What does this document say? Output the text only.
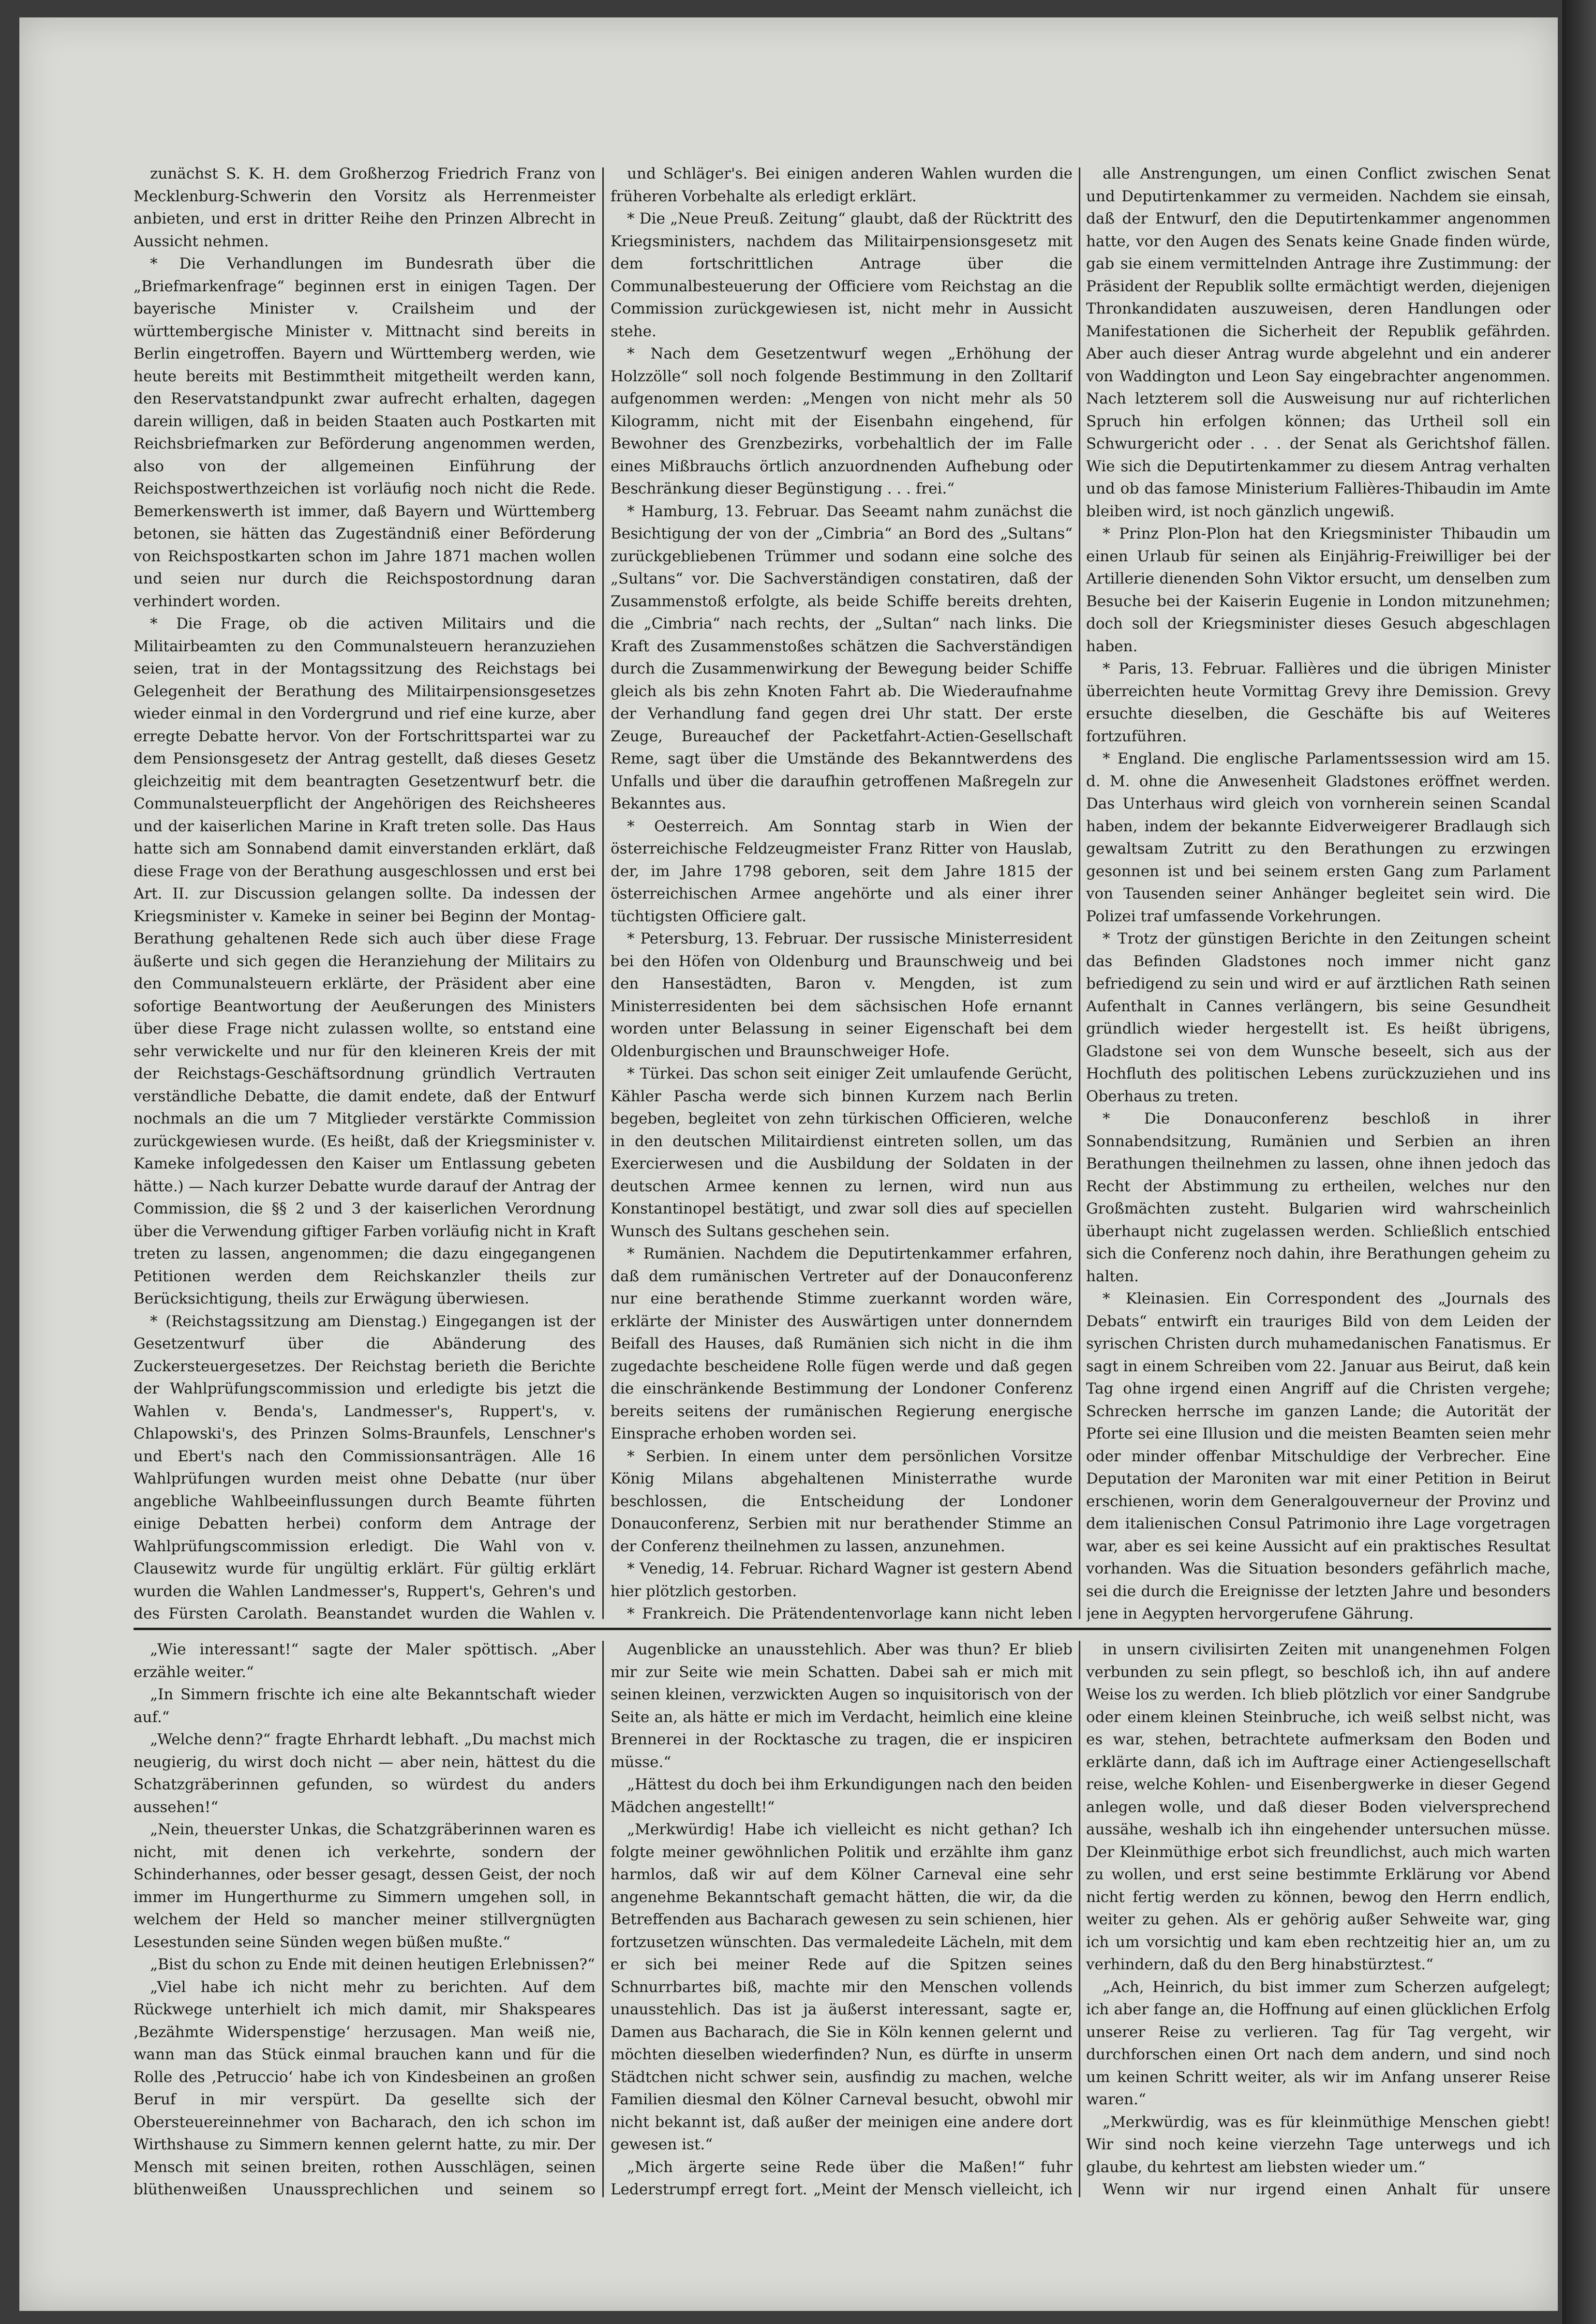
zunächst S. K. H. dem Großherzog Friedrich Franz von Mecklenburg-Schwerin den Vorsitz als Herrenmeister anbieten, und erst in dritter Reihe den Prinzen Albrecht in Aussicht nehmen.

* Die Verhandlungen im Bundesrath über die „Briefmarkenfrage“ beginnen erst in einigen Tagen. Der bayerische Minister v. Crailsheim und der württembergische Minister v. Mittnacht sind bereits in Berlin eingetroffen. Bayern und Württemberg werden, wie heute bereits mit Bestimmtheit mitgetheilt werden kann, den Reservatstandpunkt zwar aufrecht erhalten, dagegen darein willigen, daß in beiden Staaten auch Postkarten mit Reichsbriefmarken zur Beförderung angenommen werden, also von der allgemeinen Einführung der Reichspostwerthzeichen ist vorläufig noch nicht die Rede. Bemerkenswerth ist immer, daß Bayern und Württemberg betonen, sie hätten das Zugeständniß einer Beförderung von Reichspostkarten schon im Jahre 1871 machen wollen und seien nur durch die Reichspostordnung daran verhindert worden.

* Die Frage, ob die activen Militairs und die Militairbeamten zu den Communalsteuern heranzuziehen seien, trat in der Montagssitzung des Reichstags bei Gelegenheit der Berathung des Militairpensionsgesetzes wieder einmal in den Vordergrund und rief eine kurze, aber erregte Debatte hervor. Von der Fortschrittspartei war zu dem Pensionsgesetz der Antrag gestellt, daß dieses Gesetz gleichzeitig mit dem beantragten Gesetzentwurf betr. die Communalsteuerpflicht der Angehörigen des Reichsheeres und der kaiserlichen Marine in Kraft treten solle. Das Haus hatte sich am Sonnabend damit einverstanden erklärt, daß diese Frage von der Berathung ausgeschlossen und erst bei Art. II. zur Discussion gelangen sollte. Da indessen der Kriegsminister v. Kameke in seiner bei Beginn der Montag-Berathung gehaltenen Rede sich auch über diese Frage äußerte und sich gegen die Heranziehung der Militairs zu den Communalsteuern erklärte, der Präsident aber eine sofortige Beantwortung der Aeußerungen des Ministers über diese Frage nicht zulassen wollte, so entstand eine sehr verwickelte und nur für den kleineren Kreis der mit der Reichstags-Geschäftsordnung gründlich Vertrauten verständliche Debatte, die damit endete, daß der Entwurf nochmals an die um 7 Mitglieder verstärkte Commission zurückgewiesen wurde. (Es heißt, daß der Kriegsminister v. Kameke infolgedessen den Kaiser um Entlassung gebeten hätte.) — Nach kurzer Debatte wurde darauf der Antrag der Commission, die §§ 2 und 3 der kaiserlichen Verordnung über die Verwendung giftiger Farben vorläufig nicht in Kraft treten zu lassen, angenommen; die dazu eingegangenen Petitionen werden dem Reichskanzler theils zur Berücksichtigung, theils zur Erwägung überwiesen.

* (Reichstagssitzung am Dienstag.) Eingegangen ist der Gesetzentwurf über die Abänderung des Zuckersteuergesetzes. Der Reichstag berieth die Berichte der Wahlprüfungscommission und erledigte bis jetzt die Wahlen v. Benda's, Landmesser's, Ruppert's, v. Chlapowski's, des Prinzen Solms-Braunfels, Lenschner's und Ebert's nach den Commissionsanträgen. Alle 16 Wahlprüfungen wurden meist ohne Debatte (nur über angebliche Wahlbeeinflussungen durch Beamte führten einige Debatten herbei) conform dem Antrage der Wahlprüfungscommission erledigt. Die Wahl von v. Clausewitz wurde für ungültig erklärt. Für gültig erklärt wurden die Wahlen Landmesser's, Ruppert's, Gehren's und des Fürsten Carolath. Beanstandet wurden die Wahlen v.

und Schläger's. Bei einigen anderen Wahlen wurden die früheren Vorbehalte als erledigt erklärt.

* Die „Neue Preuß. Zeitung“ glaubt, daß der Rücktritt des Kriegsministers, nachdem das Militairpensionsgesetz mit dem fortschrittlichen Antrage über die Communalbesteuerung der Officiere vom Reichstag an die Commission zurückgewiesen ist, nicht mehr in Aussicht stehe.

* Nach dem Gesetzentwurf wegen „Erhöhung der Holzzölle“ soll noch folgende Bestimmung in den Zolltarif aufgenommen werden: „Mengen von nicht mehr als 50 Kilogramm, nicht mit der Eisenbahn eingehend, für Bewohner des Grenzbezirks, vorbehaltlich der im Falle eines Mißbrauchs örtlich anzuordnenden Aufhebung oder Beschränkung dieser Begünstigung . . . frei.“

* Hamburg, 13. Februar. Das Seeamt nahm zunächst die Besichtigung der von der „Cimbria“ an Bord des „Sultans“ zurückgebliebenen Trümmer und sodann eine solche des „Sultans“ vor. Die Sachverständigen constatiren, daß der Zusammenstoß erfolgte, als beide Schiffe bereits drehten, die „Cimbria“ nach rechts, der „Sultan“ nach links. Die Kraft des Zusammenstoßes schätzen die Sachverständigen durch die Zusammenwirkung der Bewegung beider Schiffe gleich als bis zehn Knoten Fahrt ab. Die Wiederaufnahme der Verhandlung fand gegen drei Uhr statt. Der erste Zeuge, Bureauchef der Packetfahrt-Actien-Gesellschaft Reme, sagt über die Umstände des Bekanntwerdens des Unfalls und über die daraufhin getroffenen Maßregeln zur Bekanntes aus.

* Oesterreich. Am Sonntag starb in Wien der österreichische Feldzeugmeister Franz Ritter von Hauslab, der, im Jahre 1798 geboren, seit dem Jahre 1815 der österreichischen Armee angehörte und als einer ihrer tüchtigsten Officiere galt.

* Petersburg, 13. Februar. Der russische Ministerresident bei den Höfen von Oldenburg und Braunschweig und bei den Hansestädten, Baron v. Mengden, ist zum Ministerresidenten bei dem sächsischen Hofe ernannt worden unter Belassung in seiner Eigenschaft bei dem Oldenburgischen und Braunschweiger Hofe.

* Türkei. Das schon seit einiger Zeit umlaufende Gerücht, Kähler Pascha werde sich binnen Kurzem nach Berlin begeben, begleitet von zehn türkischen Officieren, welche in den deutschen Militairdienst eintreten sollen, um das Exercierwesen und die Ausbildung der Soldaten in der deutschen Armee kennen zu lernen, wird nun aus Konstantinopel bestätigt, und zwar soll dies auf speciellen Wunsch des Sultans geschehen sein.

* Rumänien. Nachdem die Deputirtenkammer erfahren, daß dem rumänischen Vertreter auf der Donauconferenz nur eine berathende Stimme zuerkannt worden wäre, erklärte der Minister des Auswärtigen unter donnerndem Beifall des Hauses, daß Rumänien sich nicht in die ihm zugedachte bescheidene Rolle fügen werde und daß gegen die einschränkende Bestimmung der Londoner Conferenz bereits seitens der rumänischen Regierung energische Einsprache erhoben worden sei.

* Serbien. In einem unter dem persönlichen Vorsitze König Milans abgehaltenen Ministerrathe wurde beschlossen, die Entscheidung der Londoner Donauconferenz, Serbien mit nur berathender Stimme an der Conferenz theilnehmen zu lassen, anzunehmen.

* Venedig, 14. Februar. Richard Wagner ist gestern Abend hier plötzlich gestorben.

* Frankreich. Die Prätendentenvorlage kann nicht leben

alle Anstrengungen, um einen Conflict zwischen Senat und Deputirtenkammer zu vermeiden. Nachdem sie einsah, daß der Entwurf, den die Deputirtenkammer angenommen hatte, vor den Augen des Senats keine Gnade finden würde, gab sie einem vermittelnden Antrage ihre Zustimmung: der Präsident der Republik sollte ermächtigt werden, diejenigen Thronkandidaten auszuweisen, deren Handlungen oder Manifestationen die Sicherheit der Republik gefährden. Aber auch dieser Antrag wurde abgelehnt und ein anderer von Waddington und Leon Say eingebrachter angenommen. Nach letzterem soll die Ausweisung nur auf richterlichen Spruch hin erfolgen können; das Urtheil soll ein Schwurgericht oder . . . der Senat als Gerichtshof fällen. Wie sich die Deputirtenkammer zu diesem Antrag verhalten und ob das famose Ministerium Fallières-Thibaudin im Amte bleiben wird, ist noch gänzlich ungewiß.

* Prinz Plon-Plon hat den Kriegsminister Thibaudin um einen Urlaub für seinen als Einjährig-Freiwilliger bei der Artillerie dienenden Sohn Viktor ersucht, um denselben zum Besuche bei der Kaiserin Eugenie in London mitzunehmen; doch soll der Kriegsminister dieses Gesuch abgeschlagen haben.

* Paris, 13. Februar. Fallières und die übrigen Minister überreichten heute Vormittag Grevy ihre Demission. Grevy ersuchte dieselben, die Geschäfte bis auf Weiteres fortzuführen.

* England. Die englische Parlamentssession wird am 15. d. M. ohne die Anwesenheit Gladstones eröffnet werden. Das Unterhaus wird gleich von vornherein seinen Scandal haben, indem der bekannte Eidverweigerer Bradlaugh sich gewaltsam Zutritt zu den Berathungen zu erzwingen gesonnen ist und bei seinem ersten Gang zum Parlament von Tausenden seiner Anhänger begleitet sein wird. Die Polizei traf umfassende Vorkehrungen.

* Trotz der günstigen Berichte in den Zeitungen scheint das Befinden Gladstones noch immer nicht ganz befriedigend zu sein und wird er auf ärztlichen Rath seinen Aufenthalt in Cannes verlängern, bis seine Gesundheit gründlich wieder hergestellt ist. Es heißt übrigens, Gladstone sei von dem Wunsche beseelt, sich aus der Hochfluth des politischen Lebens zurückzuziehen und ins Oberhaus zu treten.

* Die Donauconferenz beschloß in ihrer Sonnabendsitzung, Rumänien und Serbien an ihren Berathungen theilnehmen zu lassen, ohne ihnen jedoch das Recht der Abstimmung zu ertheilen, welches nur den Großmächten zusteht. Bulgarien wird wahrscheinlich überhaupt nicht zugelassen werden. Schließlich entschied sich die Conferenz noch dahin, ihre Berathungen geheim zu halten.

* Kleinasien. Ein Correspondent des „Journals des Debats“ entwirft ein trauriges Bild von dem Leiden der syrischen Christen durch muhamedanischen Fanatismus. Er sagt in einem Schreiben vom 22. Januar aus Beirut, daß kein Tag ohne irgend einen Angriff auf die Christen vergehe; Schrecken herrsche im ganzen Lande; die Autorität der Pforte sei eine Illusion und die meisten Beamten seien mehr oder minder offenbar Mitschuldige der Verbrecher. Eine Deputation der Maroniten war mit einer Petition in Beirut erschienen, worin dem Generalgouverneur der Provinz und dem italienischen Consul Patrimonio ihre Lage vorgetragen war, aber es sei keine Aussicht auf ein praktisches Resultat vorhanden. Was die Situation besonders gefährlich mache, sei die durch die Ereignisse der letzten Jahre und besonders jene in Aegypten hervorgerufene Gährung.

„Wie interessant!“ sagte der Maler spöttisch. „Aber erzähle weiter.“

„In Simmern frischte ich eine alte Bekanntschaft wieder auf.“

„Welche denn?“ fragte Ehrhardt lebhaft. „Du machst mich neugierig, du wirst doch nicht — aber nein, hättest du die Schatzgräberinnen gefunden, so würdest du anders aussehen!“

„Nein, theuerster Unkas, die Schatzgräberinnen waren es nicht, mit denen ich verkehrte, sondern der Schinderhannes, oder besser gesagt, dessen Geist, der noch immer im Hungerthurme zu Simmern umgehen soll, in welchem der Held so mancher meiner stillvergnügten Lesestunden seine Sünden wegen büßen mußte.“

„Bist du schon zu Ende mit deinen heutigen Erlebnissen?“

„Viel habe ich nicht mehr zu berichten. Auf dem Rückwege unterhielt ich mich damit, mir Shakspeares ‚Bezähmte Widerspenstige‘ herzusagen. Man weiß nie, wann man das Stück einmal brauchen kann und für die Rolle des ‚Petruccio‘ habe ich von Kindesbeinen an großen Beruf in mir verspürt. Da gesellte sich der Obersteuereinnehmer von Bacharach, den ich schon im Wirthshause zu Simmern kennen gelernt hatte, zu mir. Der Mensch mit seinen breiten, rothen Ausschlägen, seinen blüthenweißen Unaussprechlichen und seinem so

Augenblicke an unausstehlich. Aber was thun? Er blieb mir zur Seite wie mein Schatten. Dabei sah er mich mit seinen kleinen, verzwickten Augen so inquisitorisch von der Seite an, als hätte er mich im Verdacht, heimlich eine kleine Brennerei in der Rocktasche zu tragen, die er inspiciren müsse.“

„Hättest du doch bei ihm Erkundigungen nach den beiden Mädchen angestellt!“

„Merkwürdig! Habe ich vielleicht es nicht gethan? Ich folgte meiner gewöhnlichen Politik und erzählte ihm ganz harmlos, daß wir auf dem Kölner Carneval eine sehr angenehme Bekanntschaft gemacht hätten, die wir, da die Betreffenden aus Bacharach gewesen zu sein schienen, hier fortzusetzen wünschten. Das vermaledeite Lächeln, mit dem er sich bei meiner Rede auf die Spitzen seines Schnurrbartes biß, machte mir den Menschen vollends unausstehlich. Das ist ja äußerst interessant, sagte er, Damen aus Bacharach, die Sie in Köln kennen gelernt und möchten dieselben wiederfinden? Nun, es dürfte in unserm Städtchen nicht schwer sein, ausfindig zu machen, welche Familien diesmal den Kölner Carneval besucht, obwohl mir nicht bekannt ist, daß außer der meinigen eine andere dort gewesen ist.“

„Mich ärgerte seine Rede über die Maßen!“ fuhr Lederstrumpf erregt fort. „Meint der Mensch vielleicht, ich

in unsern civilisirten Zeiten mit unangenehmen Folgen verbunden zu sein pflegt, so beschloß ich, ihn auf andere Weise los zu werden. Ich blieb plötzlich vor einer Sandgrube oder einem kleinen Steinbruche, ich weiß selbst nicht, was es war, stehen, betrachtete aufmerksam den Boden und erklärte dann, daß ich im Auftrage einer Actiengesellschaft reise, welche Kohlen- und Eisenbergwerke in dieser Gegend anlegen wolle, und daß dieser Boden vielversprechend aussähe, weshalb ich ihn eingehender untersuchen müsse. Der Kleinmüthige erbot sich freundlichst, auch mich warten zu wollen, und erst seine bestimmte Erklärung vor Abend nicht fertig werden zu können, bewog den Herrn endlich, weiter zu gehen. Als er gehörig außer Sehweite war, ging ich um vorsichtig und kam eben rechtzeitig hier an, um zu verhindern, daß du den Berg hinabstürztest.“

„Ach, Heinrich, du bist immer zum Scherzen aufgelegt; ich aber fange an, die Hoffnung auf einen glücklichen Erfolg unserer Reise zu verlieren. Tag für Tag vergeht, wir durchforschen einen Ort nach dem andern, und sind noch um keinen Schritt weiter, als wir im Anfang unserer Reise waren.“

„Merkwürdig, was es für kleinmüthige Menschen giebt! Wir sind noch keine vierzehn Tage unterwegs und ich glaube, du kehrtest am liebsten wieder um.“

Wenn wir nur irgend einen Anhalt für unsere
